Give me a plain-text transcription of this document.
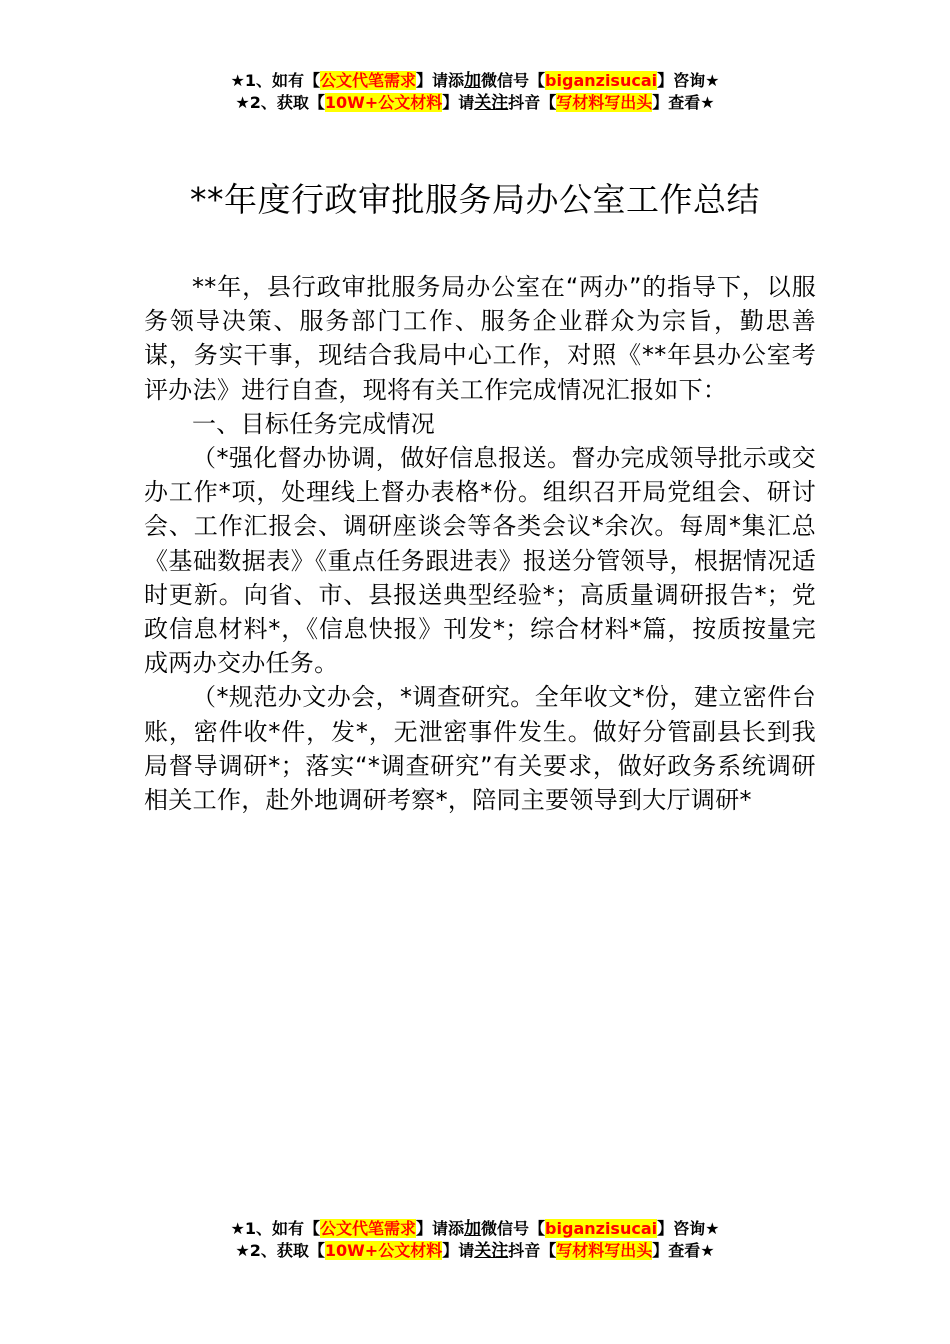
★1、如有【公文代笔需求】请添加微信号【biganzisucai】咨询★
★2、获取【10W+公文材料】请关注抖音【写材料写出头】查看★
**年度行政审批服务局办公室工作总结

**年，县行政审批服务局办公室在“两办”的指导下，以服务领导决策、服务部门工作、服务企业群众为宗旨，勤思善谋，务实干事，现结合我局中心工作，对照《**年县办公室考评办法》进行自查，现将有关工作完成情况汇报如下：

一、目标任务完成情况

（*强化督办协调，做好信息报送。督办完成领导批示或交办工作*项，处理线上督办表格*份。组织召开局党组会、研讨会、工作汇报会、调研座谈会等各类会议*余次。每周*集汇总《基础数据表》《重点任务跟进表》报送分管领导，根据情况适时更新。向省、市、县报送典型经验*；高质量调研报告*；党政信息材料*，《信息快报》刊发*；综合材料*篇，按质按量完成两办交办任务。

（*规范办文办会，*调查研究。全年收文*份，建立密件台账，密件收*件，发*，无泄密事件发生。做好分管副县长到我局督导调研*；落实“*调查研究”有关要求，做好政务系统调研相关工作，赴外地调研考察*，陪同主要领导到大厅调研*

★1、如有【公文代笔需求】请添加微信号【biganzisucai】咨询★
★2、获取【10W+公文材料】请关注抖音【写材料写出头】查看★
